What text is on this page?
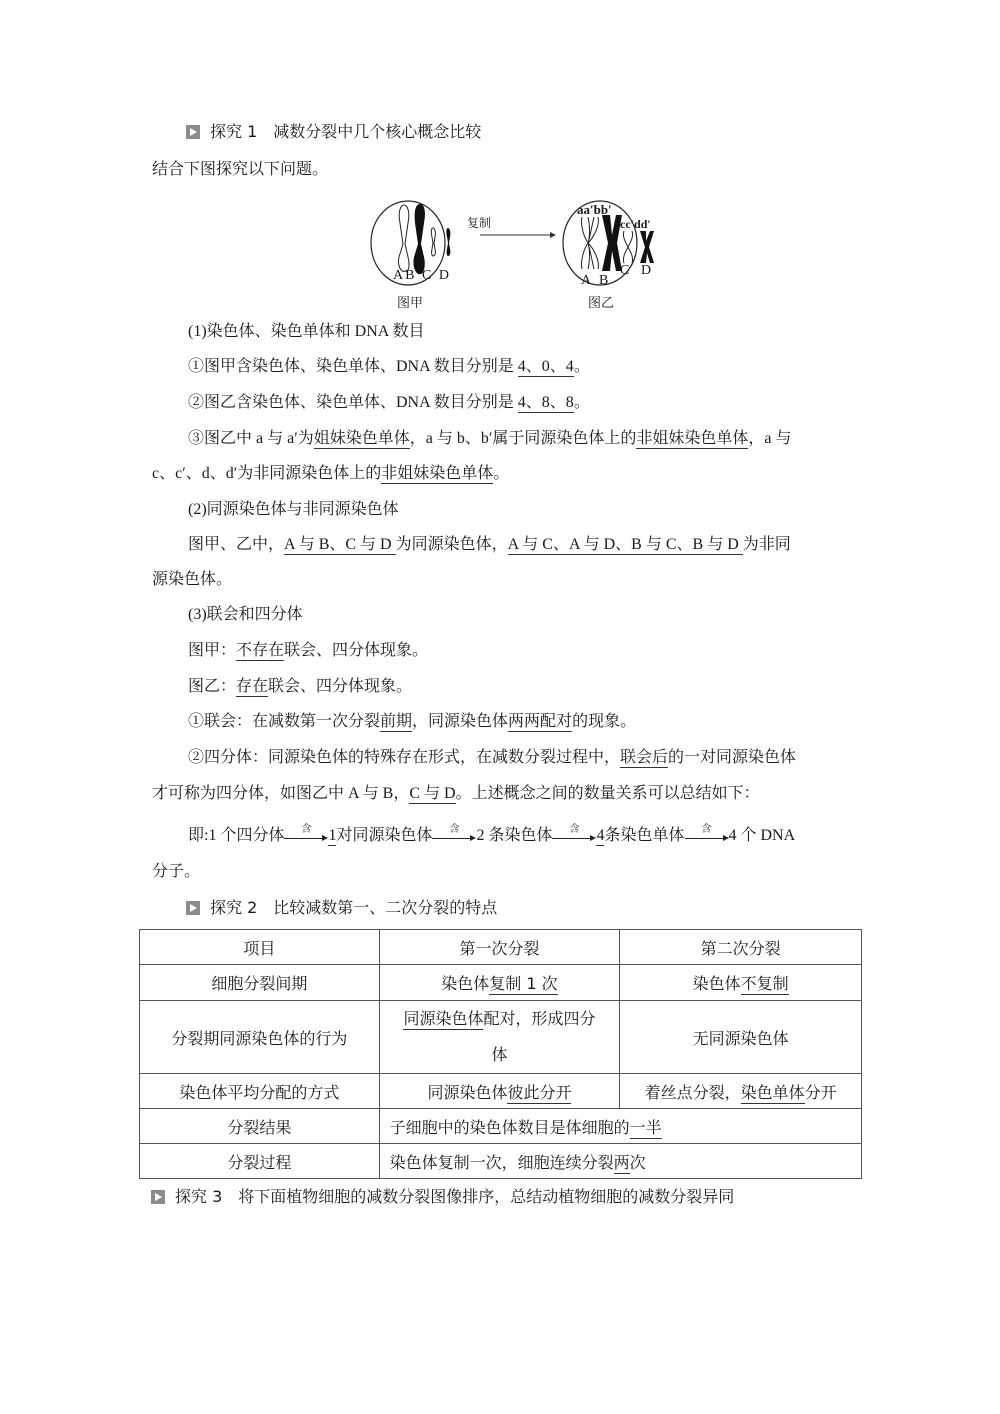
探究 1　减数分裂中几个核心概念比较
结合下图探究以下问题。
复制
AB C D
图甲
aa′bb′
cc′dd′
A B
C D
图乙
(1)染色体、染色单体和 DNA 数目
①图甲含染色体、染色单体、DNA 数目分别是 4、0、4。
②图乙含染色体、染色单体、DNA 数目分别是 4、8、8。
③图乙中 a 与 a′为姐妹染色单体，a 与 b、b′属于同源染色体上的非姐妹染色单体，a 与
c、c′、d、d′为非同源染色体上的非姐妹染色单体。
(2)同源染色体与非同源染色体
图甲、乙中，A 与 B、C 与 D 为同源染色体，A 与 C、A 与 D、B 与 C、B 与 D 为非同
源染色体。
(3)联会和四分体
图甲：不存在联会、四分体现象。
图乙：存在联会、四分体现象。
①联会：在减数第一次分裂前期，同源染色体两两配对的现象。
②四分体：同源染色体的特殊存在形式，在减数分裂过程中，联会后的一对同源染色体
才可称为四分体，如图乙中 A 与 B，C 与 D。上述概念之间的数量关系可以总结如下：
即:1 个四分体	含	1对同源染色体	含	2 条染色体	含	4条染色单体	含	4 个 DNA
分子。
探究 2　比较减数第一、二次分裂的特点
项目	第一次分裂	第二次分裂
细胞分裂间期	染色体复制 1 次	染色体不复制
分裂期同源染色体的行为	同源染色体配对，形成四分
体	无同源染色体
染色体平均分配的方式	同源染色体彼此分开	着丝点分裂，染色单体分开
分裂结果	子细胞中的染色体数目是体细胞的一半	
分裂过程	染色体复制一次，细胞连续分裂两次	
探究 3　将下面植物细胞的减数分裂图像排序，总结动植物细胞的减数分裂异同
